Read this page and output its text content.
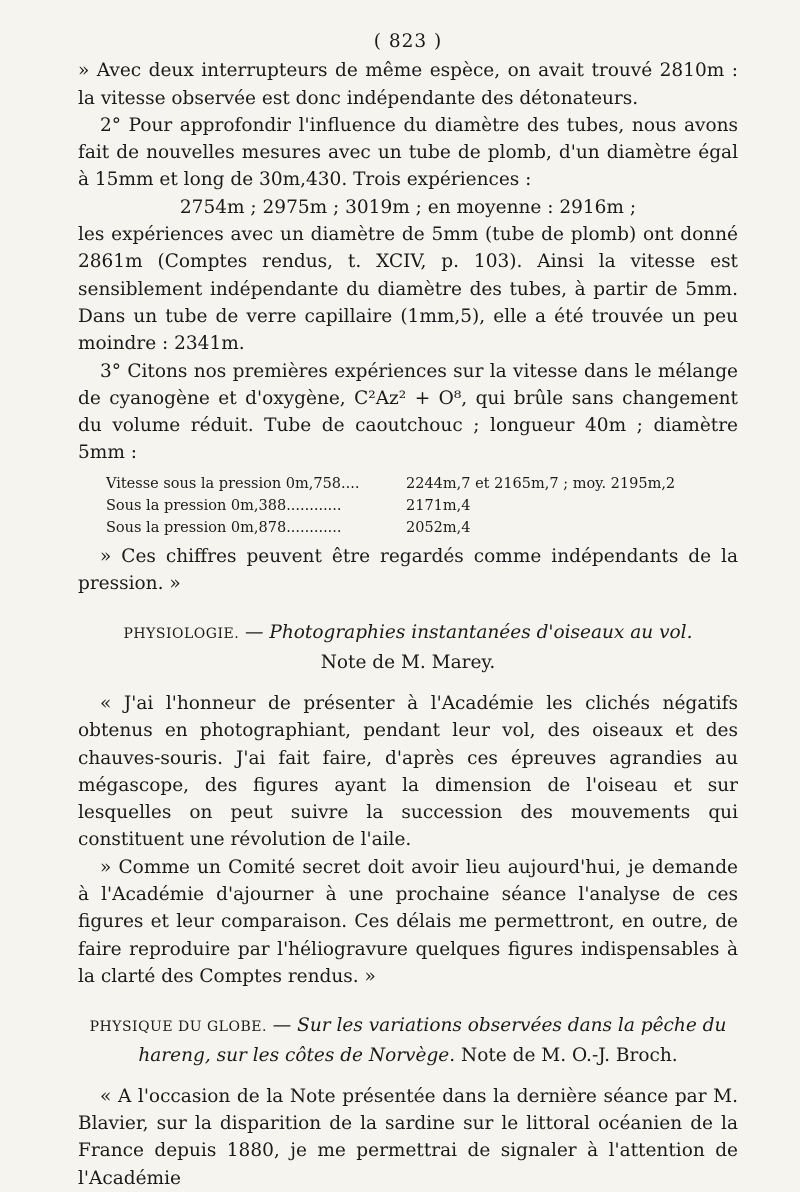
( 823 )

» Avec deux interrupteurs de même espèce, on avait trouvé 2810m : la vitesse observée est donc indépendante des détonateurs.

2° Pour approfondir l'influence du diamètre des tubes, nous avons fait de nouvelles mesures avec un tube de plomb, d'un diamètre égal à 15mm et long de 30m,430. Trois expériences :

2754m ; 2975m ; 3019m ; en moyenne : 2916m ;

les expériences avec un diamètre de 5mm (tube de plomb) ont donné 2861m (Comptes rendus, t. XCIV, p. 103). Ainsi la vitesse est sensiblement indépendante du diamètre des tubes, à partir de 5mm. Dans un tube de verre capillaire (1mm,5), elle a été trouvée un peu moindre : 2341m.

3° Citons nos premières expériences sur la vitesse dans le mélange de cyanogène et d'oxygène, C²Az² + O⁸, qui brûle sans changement du volume réduit. Tube de caoutchouc ; longueur 40m ; diamètre 5mm :

Vitesse sous la pression 0m,758....	2244m,7 et 2165m,7 ; moy. 2195m,2
Sous la pression 0m,388............	2171m,4
Sous la pression 0m,878............	2052m,4

» Ces chiffres peuvent être regardés comme indépendants de la pression. »

PHYSIOLOGIE. — Photographies instantanées d'oiseaux au vol.
Note de M. Marey.

« J'ai l'honneur de présenter à l'Académie les clichés négatifs obtenus en photographiant, pendant leur vol, des oiseaux et des chauves-souris. J'ai fait faire, d'après ces épreuves agrandies au mégascope, des figures ayant la dimension de l'oiseau et sur lesquelles on peut suivre la succession des mouvements qui constituent une révolution de l'aile.

» Comme un Comité secret doit avoir lieu aujourd'hui, je demande à l'Académie d'ajourner à une prochaine séance l'analyse de ces figures et leur comparaison. Ces délais me permettront, en outre, de faire reproduire par l'héliogravure quelques figures indispensables à la clarté des Comptes rendus. »

PHYSIQUE DU GLOBE. — Sur les variations observées dans la pêche du hareng, sur les côtes de Norvège. Note de M. O.-J. Broch.

« A l'occasion de la Note présentée dans la dernière séance par M. Blavier, sur la disparition de la sardine sur le littoral océanien de la France depuis 1880, je me permettrai de signaler à l'attention de l'Académie
